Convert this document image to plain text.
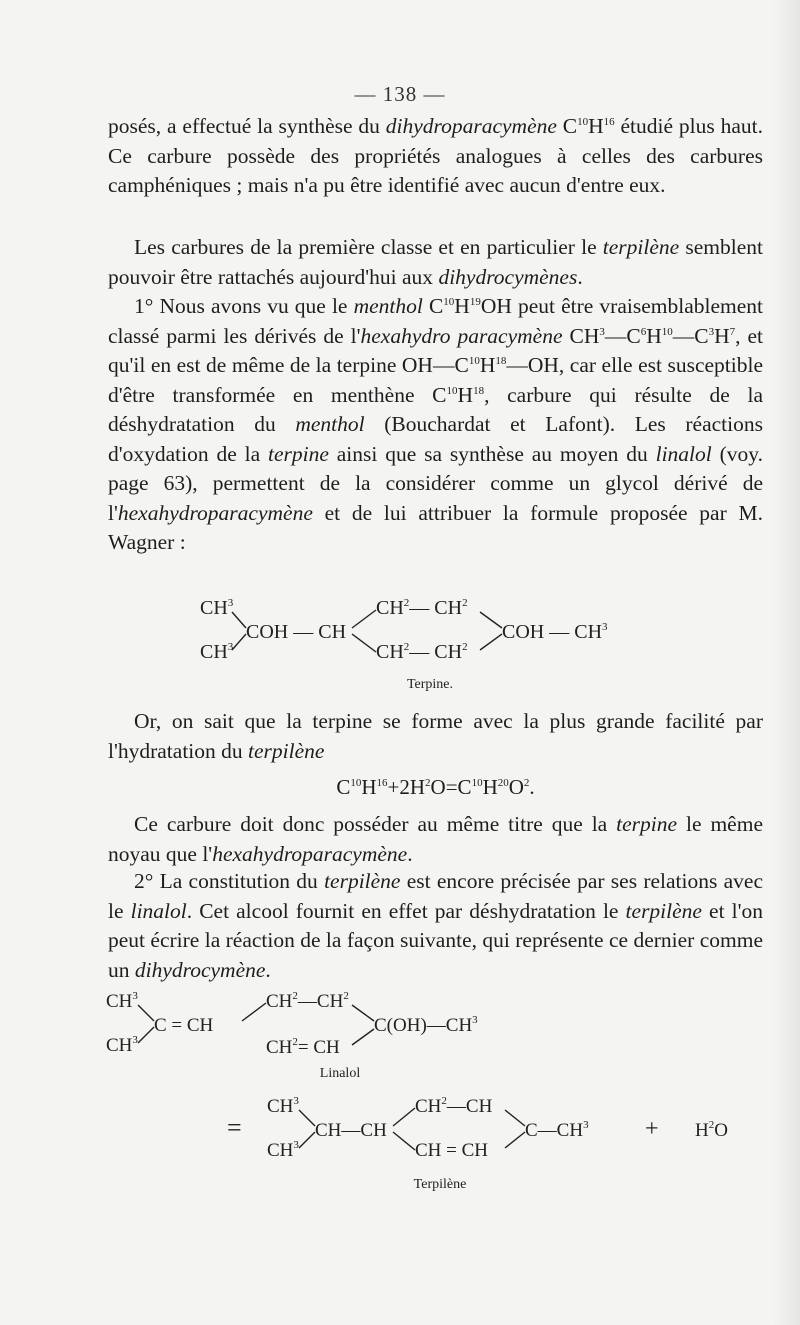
— 138 —

posés, a effectué la synthèse du dihydroparacymène $C^{10}H^{16}$ étudié plus haut. Ce carbure possède des propriétés analogues à celles des carbures camphéniques ; mais n'a pu être identifié avec aucun d'entre eux.

Les carbures de la première classe et en particulier le terpilène semblent pouvoir être rattachés aujourd'hui aux dihydrocymènes.

1° Nous avons vu que le menthol $C^{10}H^{19}OH$ peut être vraisemblablement classé parmi les dérivés de l'hexahydro paracymène $CH^3—C^6H^{10}—C^3H^7$, et qu'il en est de même de la terpine $OH—C^{10}H^{18}—OH$, car elle est susceptible d'être transformée en menthène $C^{10}H^{18}$, carbure qui résulte de la déshydratation du menthol (Bouchardat et Lafont). Les réactions d'oxydation de la terpine ainsi que sa synthèse au moyen du linalol (voy. page 63), permettent de la considérer comme un glycol dérivé de l'hexahydroparacymène et de lui attribuer la formule proposée par M. Wagner :

$CH^3$
$CH^3$
COH — CH
$CH^2—$ $CH^2$
$CH^2—$ $CH^2$
COH — $CH^3$
Terpine.

Or, on sait que la terpine se forme avec la plus grande facilité par l'hydratation du terpilène

$C^{10}H^{16}+2H^2O=C^{10}H^{20}O^2$.

Ce carbure doit donc posséder au même titre que la terpine le même noyau que l'hexahydroparacymène.

2° La constitution du terpilène est encore précisée par ses relations avec le linalol. Cet alcool fournit en effet par déshydratation le terpilène et l'on peut écrire la réaction de la façon suivante, qui représente ce dernier comme un dihydrocymène.

$CH^3$
$CH^3$
C = CH
$CH^2—CH^2$
$CH^2=$ CH
$C(OH)—CH^3$
Linalol
=
$CH^3$
$CH^3$
CH—CH
$CH^2—CH$
CH = CH
$C—CH^3 + H^2O$
Terpilène
